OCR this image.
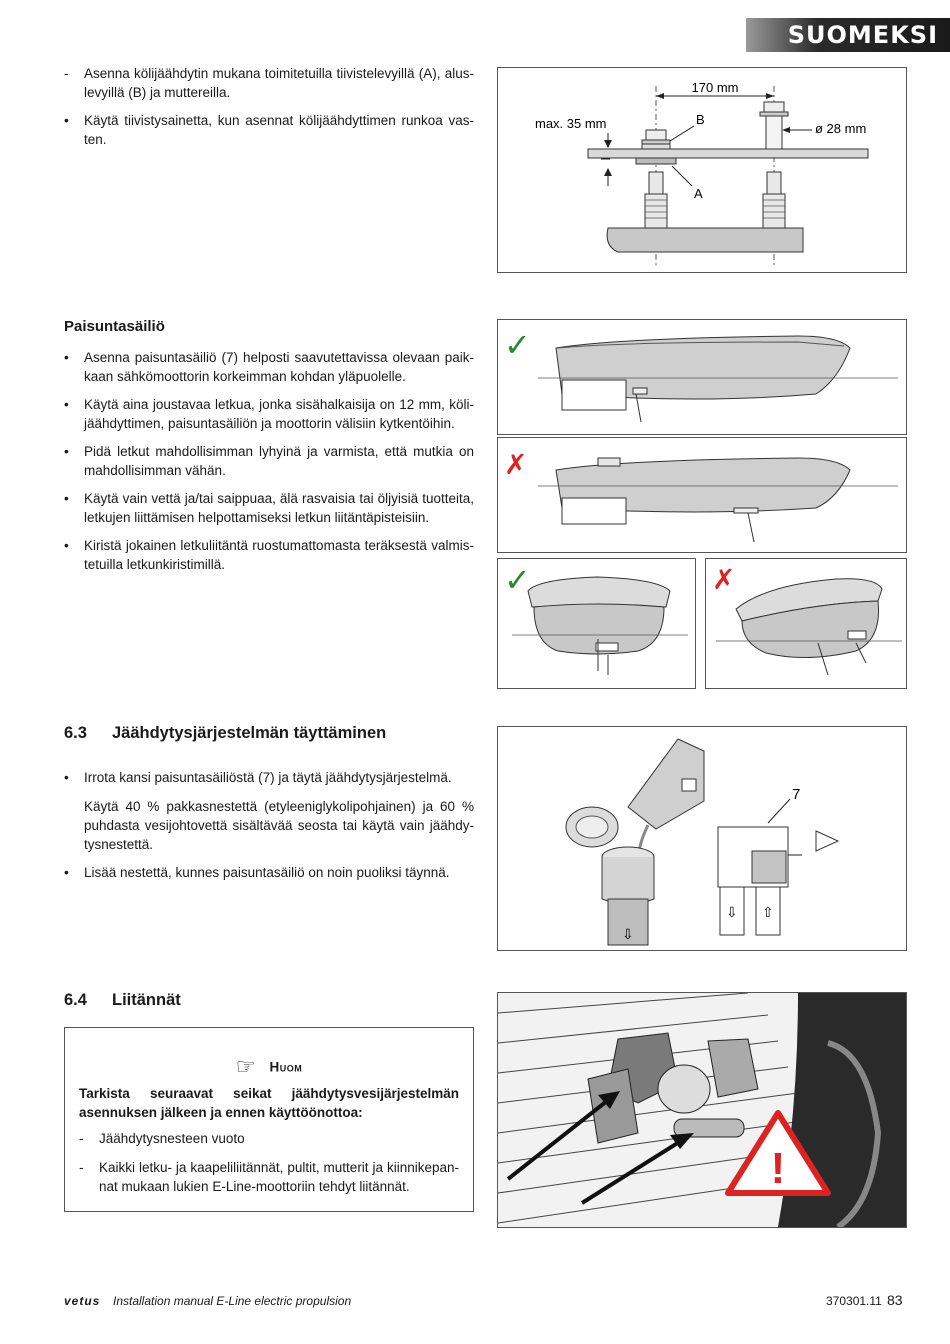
SUOMEKSI
-	Asenna kölijäähdytin mukana toimitetuilla tiivistelevyillä (A), aluslevyillä (B) ja muttereilla.
•	Käytä tiivistysainetta, kun asennat kölijäähdyttimen runkoa vasten.
170 mm
max. 35 mm	ø 28 mm
B
A
Paisuntasäiliö
•	Asenna paisuntasäiliö (7) helposti saavutettavissa olevaan paikkaan sähkömoottorin korkeimman kohdan yläpuolelle.
•	Käytä aina joustavaa letkua, jonka sisähalkaisija on 12 mm, kölijäähdyttimen, paisuntasäiliön ja moottorin välisiin kytkentöihin.
•	Pidä letkut mahdollisimman lyhyinä ja varmista, että mutkia on mahdollisimman vähän.
•	Käytä vain vettä ja/tai saippuaa, älä rasvaisia tai öljyisiä tuotteita, letkujen liittämisen helpottamiseksi letkun liitäntäpisteisiin.
•	Kiristä jokainen letkuliitäntä ruostumattomasta teräksestä valmistetuilla letkunkiristimillä.
✓
✗
✓	✗
6.3 Jäähdytysjärjestelmän täyttäminen
•	Irrota kansi paisuntasäiliöstä (7) ja täytä jäähdytysjärjestelmä.
Käytä 40 % pakkasnestettä (etyleeniglykolipohjainen) ja 60 % puhdasta vesijohtovettä sisältävää seosta tai käytä vain jäähdytysnestettä.
•	Lisää nestettä, kunnes paisuntasäiliö on noin puoliksi täynnä.
⇩
7
⇩ ⇧
6.4 Liitännät
☞ Huom
Tarkista seuraavat seikat jäähdytysvesijärjestelmän asennuksen jälkeen ja ennen käyttöönottoa:
- Jäähdytysnesteen vuoto
- Kaikki letku- ja kaapeliliitännät, pultit, mutterit ja kiinnikepannat mukaan lukien E-Line-moottoriin tehdyt liitännät.	!
vetus Installation manual E-Line electric propulsion	370301.11 83
